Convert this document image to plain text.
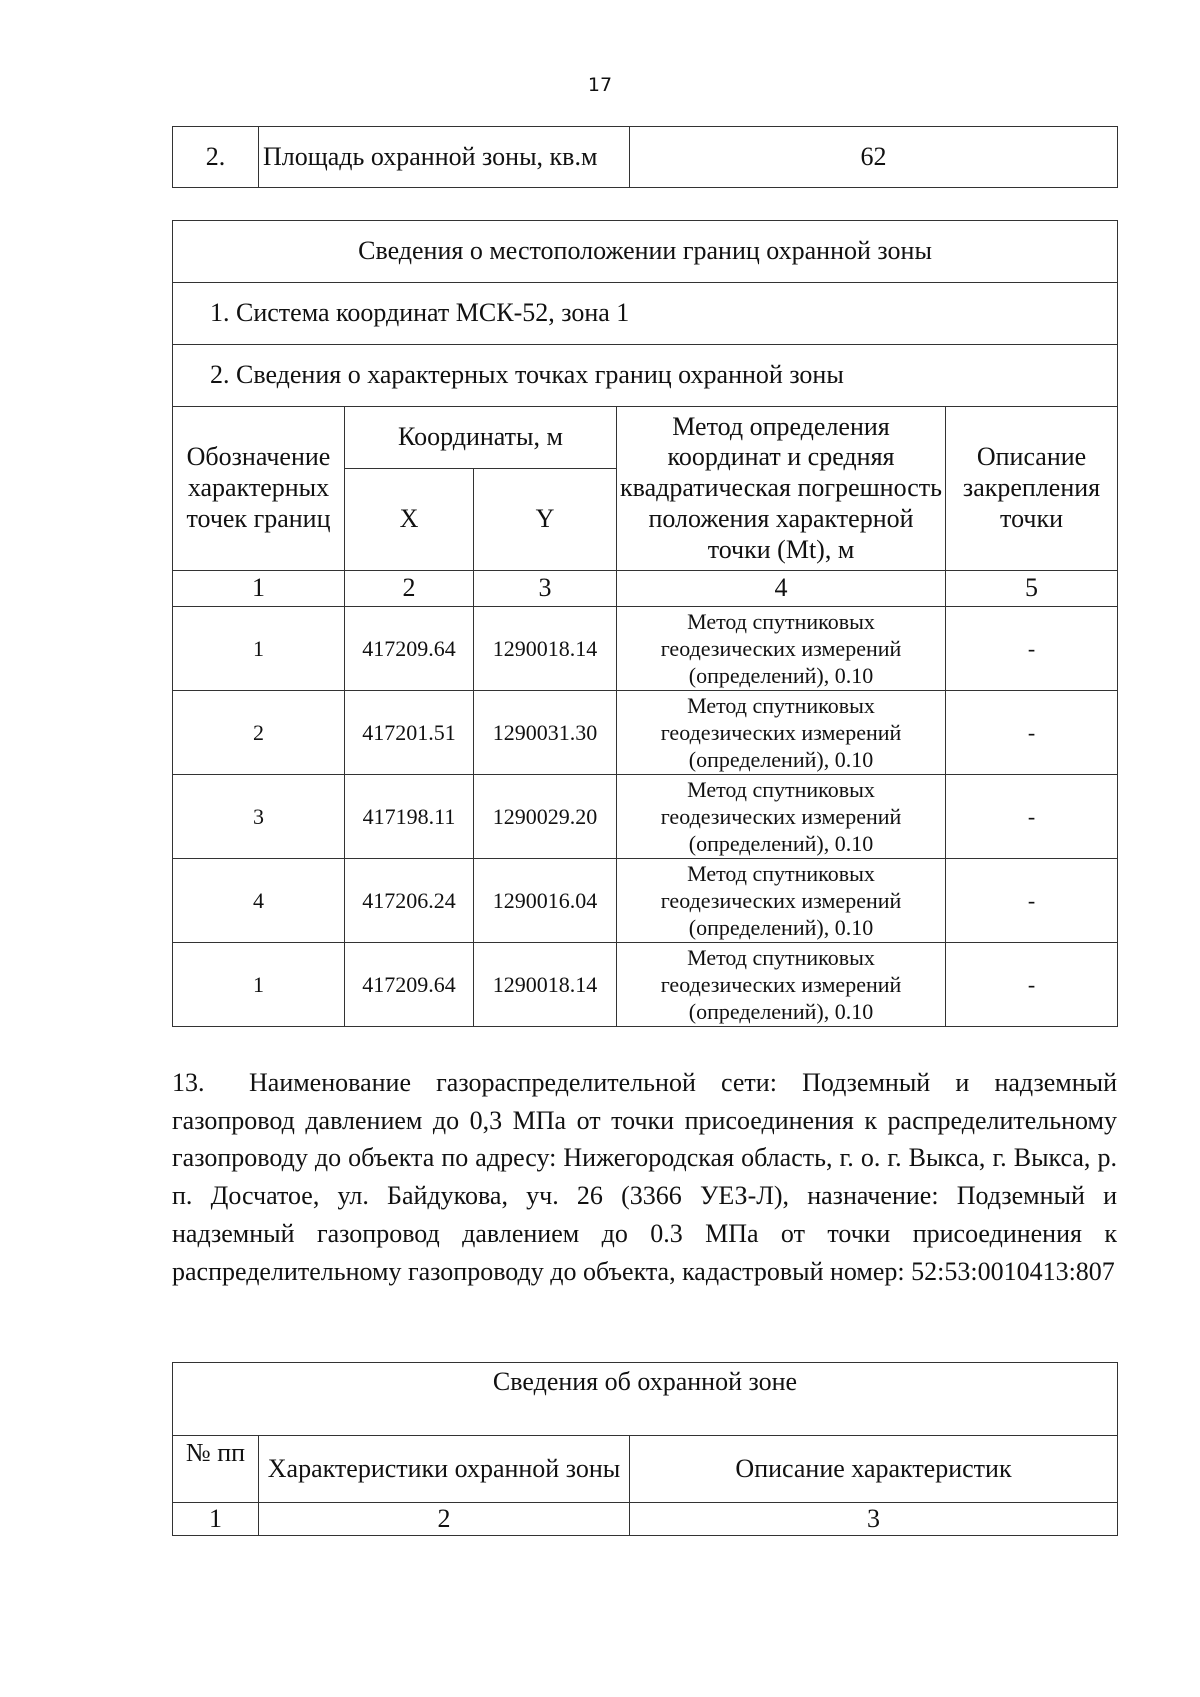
17
2.	Площадь охранной зоны, кв.м	62
Сведения о местоположении границ охранной зоны				
1. Система координат МСК-52, зона 1				
2. Сведения о характерных точках границ охранной зоны				
Обозначение характерных точек границ	Координаты, м		Метод определения координат и средняя квадратическая погрешность положения характерной точки (Mt), м	Описание закрепления точки
	X	Y		
1	2	3	4	5
1	417209.64	1290018.14	Метод спутниковых геодезических измерений (определений), 0.10	-
2	417201.51	1290031.30	Метод спутниковых геодезических измерений (определений), 0.10	-
3	417198.11	1290029.20	Метод спутниковых геодезических измерений (определений), 0.10	-
4	417206.24	1290016.04	Метод спутниковых геодезических измерений (определений), 0.10	-
1	417209.64	1290018.14	Метод спутниковых геодезических измерений (определений), 0.10	-

13. Наименование газораспределительной сети: Подземный и надземный газопровод давлением до 0,3 МПа от точки присоединения к распределительному газопроводу до объекта по адресу: Нижегородская область, г. о. г. Выкса, г. Выкса, р. п. Досчатое, ул. Байдукова, уч. 26 (3366 УЕЗ-Л), назначение: Подземный и надземный газопровод давлением до 0.3 МПа от точки присоединения к распределительному газопроводу до объекта, кадастровый номер: 52:53:0010413:807

Сведения об охранной зоне		
№ пп	Характеристики охранной зоны	Описание характеристик
1	2	3
